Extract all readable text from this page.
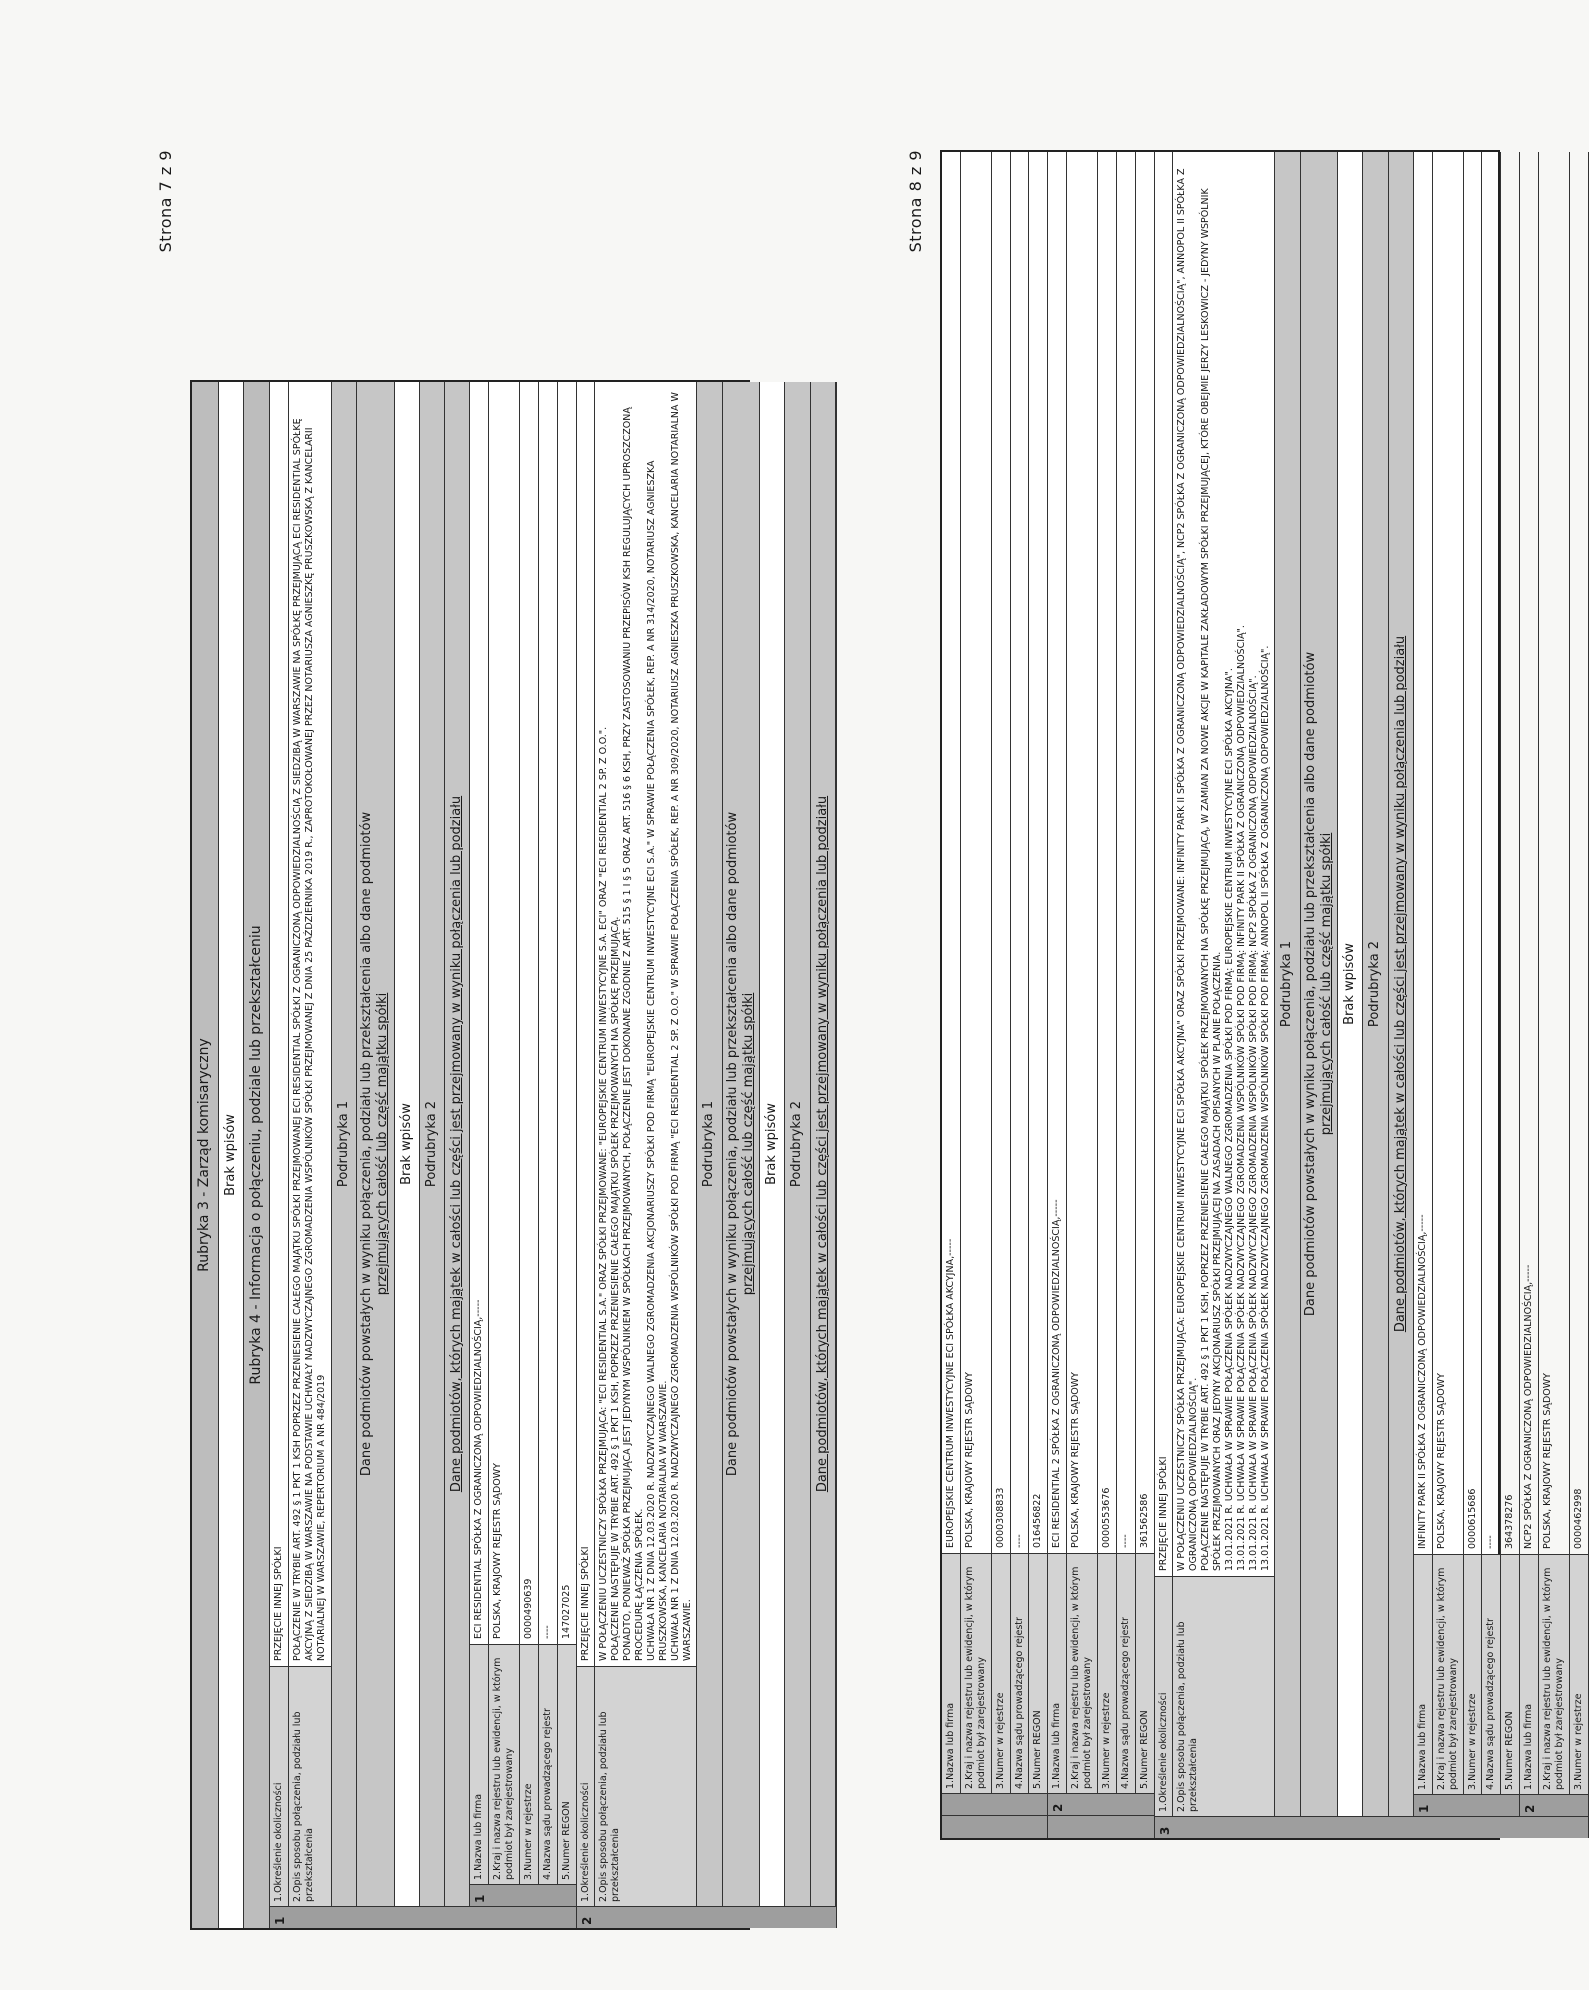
Strona 7 z 9
Rubryka 3 - Zarząd komisaryczny Brak wpisów Rubryka 4 - Informacja o połączeniu, podziale lub przekształceniu
1
1.Określenie okoliczności
PRZEJĘCIE INNEJ SPÓŁKI
2.Opis sposobu połączenia, podziału lub przekształcenia
POŁĄCZENIE W TRYBIE ART. 492 § 1 PKT 1 KSH POPRZEZ PRZENIESIENIE CAŁEGO MAJĄTKU SPÓŁKI PRZEJMOWANEJ ECI RESIDENTIAL SPÓŁKI Z OGRANICZONĄ ODPOWIEDZIALNOŚCIĄ Z SIEDZIBĄ W WARSZAWIE NA SPÓŁKĘ PRZEJMUJĄCĄ ECI RESIDENTIAL SPÓŁKĘ AKCYJNĄ Z SIEDZIBĄ W WARSZAWIE NA PODSTAWIE UCHWAŁY NADZWYCZAJNEGO ZGROMADZENIA WSPÓLNIKÓW SPÓŁKI PRZEJMOWANEJ Z DNIA 25 PAŹDZIERNIKA 2019 R., ZAPROTOKOŁOWANEJ PRZEZ NOTARIUSZA AGNIESZKĘ PRUSZKOWSKĄ Z KANCELARII NOTARIALNEJ W WARSZAWIE, REPERTORIUM A NR 484/2019
Podrubryka 1 Dane podmiotów powstałych w wyniku połączenia, podziału lub przekształcenia albo dane podmiotów przejmujących całość lub część majątku spółki Brak wpisów Podrubryka 2 Dane podmiotów, których majątek w całości lub części jest przejmowany w wyniku połączenia lub podziału
1
1.Nazwa lub firma
ECI RESIDENTIAL SPÓŁKA Z OGRANICZONĄ ODPOWIEDZIALNOŚCIĄ,-----
2.Kraj i nazwa rejestru lub ewidencji, w którym podmiot był zarejestrowany
POLSKA, KRAJOWY REJESTR SĄDOWY
3.Numer w rejestrze
0000490639
4.Nazwa sądu prowadzącego rejestr
----
5.Numer REGON
147027025
2
1.Określenie okoliczności
PRZEJĘCIE INNEJ SPÓŁKI
2.Opis sposobu połączenia, podziału lub przekształcenia

W POŁĄCZENIU UCZESTNICZY SPÓŁKA PRZEJMUJĄCA: "ECI RESIDENTIAL S.A." ORAZ SPÓŁKI PRZEJMOWANE: "EUROPEJSKIE CENTRUM INWESTYCYJNE S.A. ECI" ORAZ "ECI RESIDENTIAL 2 SP. Z O.O.". POŁĄCZENIE NASTĘPUJE W TRYBIE ART. 492 § 1 PKT 1 KSH, POPRZEZ PRZENIESIENIE CAŁEGO MAJĄTKU SPÓŁEK PRZEJMOWANYCH NA SPÓŁKĘ PRZEJMUJĄCĄ. PONADTO, PONIEWAŻ SPÓŁKA PRZEJMUJĄCA JEST JEDYNYM WSPÓLNIKIEM W SPÓŁKACH PRZEJMOWANYCH, POŁĄCZENIE JEST DOKONANE ZGODNIE Z ART. 515 § 1 I § 5 ORAZ ART. 516 § 6 KSH, PRZY ZASTOSOWANIU PRZEPISÓW KSH REGULUJĄCYCH UPROSZCZONĄ PROCEDURĘ ŁĄCZENIA SPÓŁEK. UCHWAŁA NR 1 Z DNIA 12.03.2020 R. NADZWYCZAJNEGO WALNEGO ZGROMADZENIA AKCJONARIUSZY SPÓŁKI POD FIRMĄ "EUROPEJSKIE CENTRUM INWESTYCYJNE ECI S.A." W SPRAWIE POŁĄCZENIA SPÓŁEK, REP. A NR 314/2020, NOTARIUSZ AGNIESZKA PRUSZKOWSKA, KANCELARIA NOTARIALNA W WARSZAWIE. UCHWAŁA NR 1 Z DNIA 12.03.2020 R. NADZWYCZAJNEGO ZGROMADZENIA WSPÓLNIKÓW SPÓŁKI POD FIRMĄ "ECI RESIDENTIAL 2 SP. Z O.O." W SPRAWIE POŁĄCZENIA SPÓŁEK, REP. A NR 309/2020, NOTARIUSZ AGNIESZKA PRUSZKOWSKA, KANCELARIA NOTARIALNA W WARSZAWIE.

Podrubryka 1 Dane podmiotów powstałych w wyniku połączenia, podziału lub przekształcenia albo dane podmiotów przejmujących całość lub część majątku spółki Brak wpisów Podrubryka 2 Dane podmiotów, których majątek w całości lub części jest przejmowany w wyniku połączenia lub podziału
Strona 8 z 9
1.Nazwa lub firma
EUROPEJSKIE CENTRUM INWESTYCYJNE ECI SPÓŁKA AKCYJNA,-----
2.Kraj i nazwa rejestru lub ewidencji, w którym podmiot był zarejestrowany
POLSKA, KRAJOWY REJESTR SĄDOWY
3.Numer w rejestrze
0000308833
4.Nazwa sądu prowadzącego rejestr
----
5.Numer REGON
016456822
2
1.Nazwa lub firma
ECI RESIDENTIAL 2 SPÓŁKA Z OGRANICZONĄ ODPOWIEDZIALNOŚCIĄ,-----
2.Kraj i nazwa rejestru lub ewidencji, w którym podmiot był zarejestrowany
POLSKA, KRAJOWY REJESTR SĄDOWY
3.Numer w rejestrze
0000553676
4.Nazwa sądu prowadzącego rejestr
----
5.Numer REGON
361562586
3
1.Określenie okoliczności
PRZEJĘCIE INNEJ SPÓŁKI
2.Opis sposobu połączenia, podziału lub przekształcenia

W POŁĄCZENIU UCZESTNICZY SPÓŁKA PRZEJMUJĄCA: EUROPEJSKIE CENTRUM INWESTYCYJNE ECI SPÓŁKA AKCYJNA" ORAZ SPÓŁKI PRZEJMOWANE: INFINITY PARK II SPÓŁKA Z OGRANICZONĄ ODPOWIEDZIALNOŚCIĄ", NCP2 SPÓŁKA Z OGRANICZONĄ ODPOWIEDZIALNOŚCIĄ", ANNOPOL II SPÓŁKA Z OGRANICZONĄ ODPOWIEDZIALNOŚCIĄ". POŁĄCZENIE NASTĘPUJE W TRYBIE ART. 492 § 1 PKT 1 KSH, POPRZEZ PRZENIESIENIE CAŁEGO MAJĄTKU SPÓŁEK PRZEJMOWANYCH NA SPÓŁKĘ PRZEJMUJĄCĄ, W ZAMIAN ZA NOWE AKCJE W KAPITALE ZAKŁADOWYM SPÓŁKI PRZEJMUJĄCEJ, KTÓRE OBEJMIE JERZY LESKOWICZ - JEDYNY WSPÓLNIK SPÓŁEK PRZEJMOWANYCH ORAZ JEDYNY AKCJONARIUSZ SPÓŁKI PRZEJMUJĄCEJ NA ZASADACH OPISANYCH W PLANIE POŁĄCZENIA. 13.01.2021 R. UCHWAŁA W SPRAWIE POŁĄCZENIA SPÓŁEK NADZWYCZAJNEGO WALNEGO ZGROMADZENIA SPÓŁKI POD FIRMĄ: EUROPEJSKIE CENTRUM INWESTYCYJNE ECI SPÓŁKA AKCYJNA". 13.01.2021 R. UCHWAŁA W SPRAWIE POŁĄCZENIA SPÓŁEK NADZWYCZAJNEGO ZGROMADZENIA WSPÓLNIKÓW SPÓŁKI POD FIRMĄ: INFINITY PARK II SPÓŁKA Z OGRANICZONĄ ODPOWIEDZIALNOŚCIĄ". 13.01.2021 R. UCHWAŁA W SPRAWIE POŁĄCZENIA SPÓŁEK NADZWYCZAJNEGO ZGROMADZENIA WSPÓLNIKÓW SPÓŁKI POD FIRMĄ: NCP2 SPÓŁKA Z OGRANICZONĄ ODPOWIEDZIALNOŚCIĄ". 13.01.2021 R. UCHWAŁA W SPRAWIE POŁĄCZENIA SPÓŁEK NADZWYCZAJNEGO ZGROMADZENIA WSPÓLNIKÓW SPÓŁKI POD FIRMĄ: ANNOPOL II SPÓŁKA Z OGRANICZONĄ ODPOWIEDZIALNOŚCIĄ". Podrubryka 1 Dane podmiotów powstałych w wyniku połączenia, podziału lub przekształcenia albo dane podmiotów przejmujących całość lub część majątku spółki Brak wpisów Podrubryka 2 Dane podmiotów, których majątek w całości lub części jest przejmowany w wyniku połączenia lub podziału
1
1.Nazwa lub firma
INFINITY PARK II SPÓŁKA Z OGRANICZONĄ ODPOWIEDZIALNOŚCIĄ,-----
2.Kraj i nazwa rejestru lub ewidencji, w którym podmiot był zarejestrowany
POLSKA, KRAJOWY REJESTR SĄDOWY
3.Numer w rejestrze
0000615686
4.Nazwa sądu prowadzącego rejestr
----
5.Numer REGON
364378276
2
1.Nazwa lub firma
NCP2 SPÓŁKA Z OGRANICZONĄ ODPOWIEDZIALNOŚCIĄ,-----
2.Kraj i nazwa rejestru lub ewidencji, w którym podmiot był zarejestrowany
POLSKA, KRAJOWY REJESTR SĄDOWY
3.Numer w rejestrze
0000462998
